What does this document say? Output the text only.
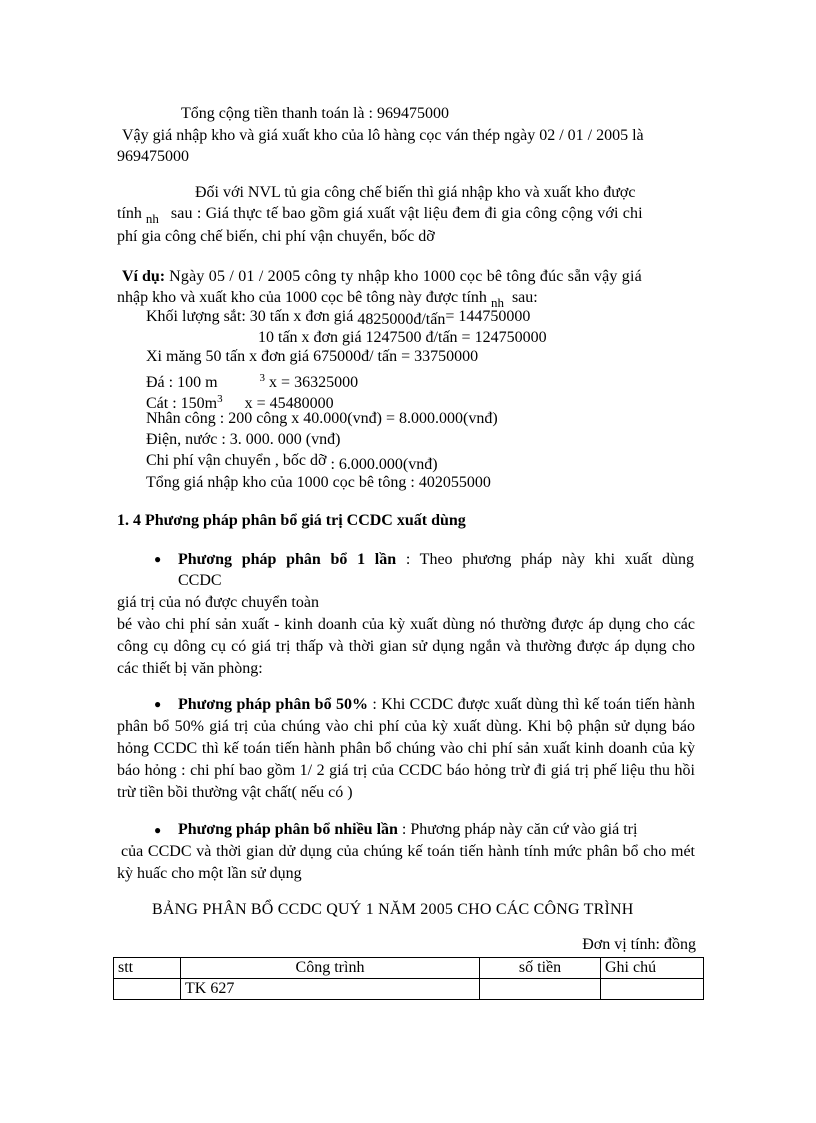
Tổng cộng tiền thanh toán là : 969475000
Vậy giá nhập kho và giá xuất kho của lô hàng cọc ván thép ngày 02 / 01 / 2005 là
969475000
Đối với NVL tủ gia công chế biến thì giá nhập kho và xuất kho được
tính $_{nh}$ sau : Giá thực tế bao gồm giá xuất vật liệu đem đi gia công cộng với chi
phí gia công chế biến, chi phí vận chuyển, bốc dỡ
Ví dụ: Ngày 05 / 01 / 2005 công ty nhập kho 1000 cọc bê tông đúc sẵn vậy giá
nhập kho và xuất kho của 1000 cọc bê tông này được tính $_{nh}$ sau:
Khối lượng sắt: 30 tấn x đơn giá 4825000đ/tấn= 144750000
10 tấn x đơn giá 1247500 đ/tấn = 124750000
Xi măng 50 tấn x đơn giá 675000đ/ tấn = 33750000
Đá : 100 m	$^3$ x = 36325000
Cát : $150m^3$ x = 45480000
Nhân công : 200 công x 40.000(vnđ) = 8.000.000(vnđ)
Điện, nước : 3. 000. 000 (vnđ)
Chi phí vận chuyển , bốc dỡ : 6.000.000(vnđ)
Tổng giá nhập kho của 1000 cọc bê tông : 402055000
1. 4 Phương pháp phân bổ giá trị CCDC xuất dùng
● Phương pháp phân bổ 1 lần : Theo phương pháp này khi xuất dùng
CCDC
giá trị của nó được chuyển toàn
bé vào chi phí sản xuất - kinh doanh của kỳ xuất dùng nó thường được áp dụng cho các công cụ dông cụ có giá trị thấp và thời gian sử dụng ngắn và thường được áp dụng cho các thiết bị văn phòng:
●	Phương pháp phân bổ 50% : Khi CCDC được xuất dùng thì kế toán tiến hành phân bổ 50% giá trị của chúng vào chi phí của kỳ xuất dùng. Khi bộ phận sử dụng báo hỏng CCDC thì kế toán tiến hành phân bổ chúng vào chi phí sản xuất kinh doanh của kỳ báo hỏng : chi phí bao gồm 1/ 2 giá trị của CCDC báo hỏng trừ đi giá trị phế liệu thu hồi trừ tiền bồi thường vật chất( nếu có )
● Phương pháp phân bổ nhiều lần : Phương pháp này căn cứ vào giá trị
của CCDC và thời gian dử dụng của chúng kế toán tiến hành tính mức phân bổ cho mét kỳ huấc cho một lần sử dụng
BẢNG PHÂN BỔ CCDC QUÝ 1 NĂM 2005 CHO CÁC CÔNG TRÌNH
Đơn vị tính: đồng
stt	Công trình	số tiền	Ghi chú
	TK 627		
